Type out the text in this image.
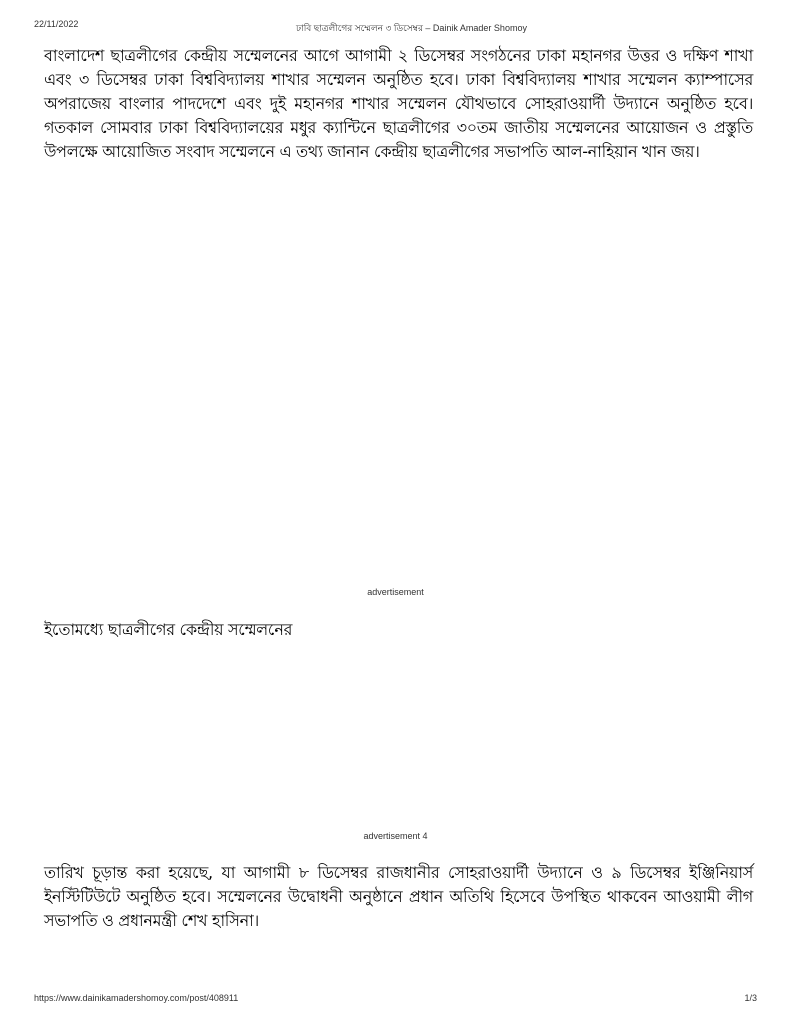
22/11/2022	ঢাবি ছাত্রলীগের সম্মেলন ৩ ডিসেম্বর – Dainik Amader Shomoy

বাংলাদেশ ছাত্রলীগের কেন্দ্রীয় সম্মেলনের আগে আগামী ২ ডিসেম্বর সংগঠনের ঢাকা মহানগর উত্তর ও দক্ষিণ শাখা এবং ৩ ডিসেম্বর ঢাকা বিশ্ববিদ্যালয় শাখার সম্মেলন অনুষ্ঠিত হবে। ঢাকা বিশ্ববিদ্যালয় শাখার সম্মেলন ক্যাম্পাসের অপরাজেয় বাংলার পাদদেশে এবং দুই মহানগর শাখার সম্মেলন যৌথভাবে সোহরাওয়ার্দী উদ্যানে অনুষ্ঠিত হবে। গতকাল সোমবার ঢাকা বিশ্ববিদ্যালয়ের মধুর ক্যান্টিনে ছাত্রলীগের ৩০তম জাতীয় সম্মেলনের আয়োজন ও প্রস্তুতি উপলক্ষে আয়োজিত সংবাদ সম্মেলনে এ তথ্য জানান কেন্দ্রীয় ছাত্রলীগের সভাপতি আল-নাহিয়ান খান জয়।

advertisement

ইতোমধ্যে ছাত্রলীগের কেন্দ্রীয় সম্মেলনের

advertisement 4

তারিখ চূড়ান্ত করা হয়েছে, যা আগামী ৮ ডিসেম্বর রাজধানীর সোহরাওয়ার্দী উদ্যানে ও ৯ ডিসেম্বর ইঞ্জিনিয়ার্স ইনস্টিটিউটে অনুষ্ঠিত হবে। সম্মেলনের উদ্বোধনী অনুষ্ঠানে প্রধান অতিথি হিসেবে উপস্থিত থাকবেন আওয়ামী লীগ সভাপতি ও প্রধানমন্ত্রী শেখ হাসিনা।

https://www.dainikamadershomoy.com/post/408911	1/3
